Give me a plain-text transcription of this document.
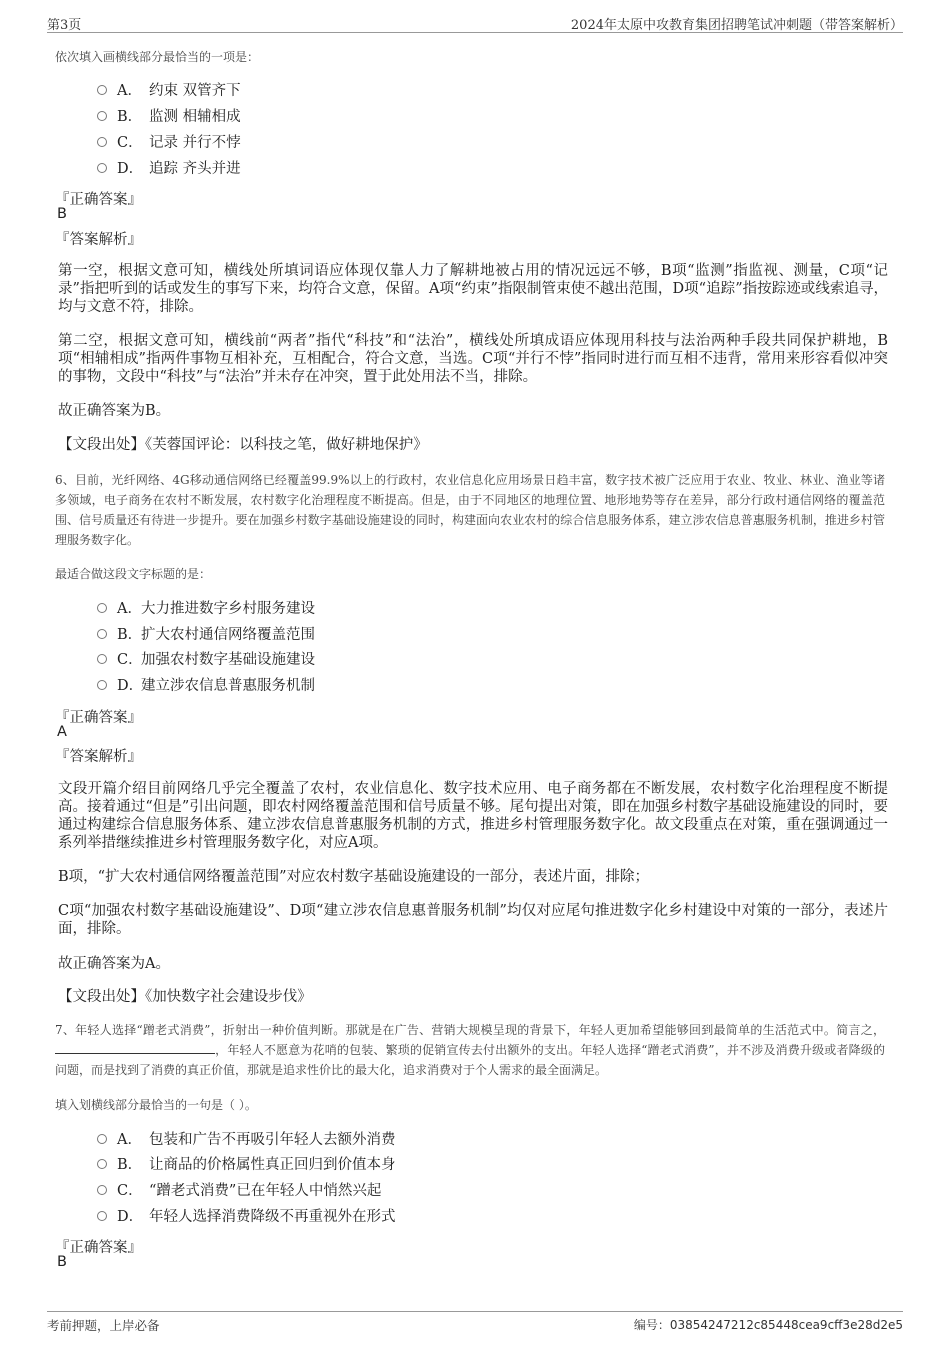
第3页	2024年太原中攻教育集团招聘笔试冲刺题（带答案解析）
依次填入画横线部分最恰当的一项是：
A． 约束 双管齐下
B． 监测 相辅相成
C． 记录 并行不悖
D． 追踪 齐头并进
『正确答案』
B
『答案解析』
第一空，根据文意可知，横线处所填词语应体现仅靠人力了解耕地被占用的情况远远不够，B项“监测”指监视、测量，C项“记录”指把听到的话或发生的事写下来，均符合文意，保留。A项“约束”指限制管束使不越出范围，D项“追踪”指按踪迹或线索追寻，均与文意不符，排除。
第二空，根据文意可知，横线前“两者”指代“科技”和“法治”，横线处所填成语应体现用科技与法治两种手段共同保护耕地，B项“相辅相成”指两件事物互相补充，互相配合，符合文意，当选。C项“并行不悖”指同时进行而互相不违背，常用来形容看似冲突的事物，文段中“科技”与“法治”并未存在冲突，置于此处用法不当，排除。
故正确答案为B。
【文段出处】《芙蓉国评论：以科技之笔，做好耕地保护》
6、目前，光纤网络、4G移动通信网络已经覆盖99.9%以上的行政村，农业信息化应用场景日趋丰富，数字技术被广泛应用于农业、牧业、林业、渔业等诸多领域，电子商务在农村不断发展，农村数字化治理程度不断提高。但是，由于不同地区的地理位置、地形地势等存在差异，部分行政村通信网络的覆盖范围、信号质量还有待进一步提升。要在加强乡村数字基础设施建设的同时，构建面向农业农村的综合信息服务体系，建立涉农信息普惠服务机制，推进乡村管理服务数字化。
最适合做这段文字标题的是：
A．大力推进数字乡村服务建设
B．扩大农村通信网络覆盖范围
C．加强农村数字基础设施建设
D．建立涉农信息普惠服务机制
『正确答案』
A
『答案解析』
文段开篇介绍目前网络几乎完全覆盖了农村，农业信息化、数字技术应用、电子商务都在不断发展，农村数字化治理程度不断提高。接着通过“但是”引出问题，即农村网络覆盖范围和信号质量不够。尾句提出对策，即在加强乡村数字基础设施建设的同时，要通过构建综合信息服务体系、建立涉农信息普惠服务机制的方式，推进乡村管理服务数字化。故文段重点在对策，重在强调通过一系列举措继续推进乡村管理服务数字化，对应A项。
B项，“扩大农村通信网络覆盖范围”对应农村数字基础设施建设的一部分，表述片面，排除；
C项“加强农村数字基础设施建设”、D项“建立涉农信息惠普服务机制”均仅对应尾句推进数字化乡村建设中对策的一部分，表述片面，排除。
故正确答案为A。
【文段出处】《加快数字社会建设步伐》
7、年轻人选择“蹭老式消费”，折射出一种价值判断。那就是在广告、营销大规模呈现的背景下，年轻人更加希望能够回到最简单的生活范式中。简言之，，年轻人不愿意为花哨的包装、繁琐的促销宣传去付出额外的支出。年轻人选择“蹭老式消费”，并不涉及消费升级或者降级的问题，而是找到了消费的真正价值，那就是追求性价比的最大化，追求消费对于个人需求的最全面满足。
填入划横线部分最恰当的一句是（ ）。
A． 包装和广告不再吸引年轻人去额外消费
B． 让商品的价格属性真正回归到价值本身
C． “蹭老式消费”已在年轻人中悄然兴起
D． 年轻人选择消费降级不再重视外在形式
『正确答案』
B
考前押题，上岸必备	编号：03854247212c85448cea9cff3e28d2e5
